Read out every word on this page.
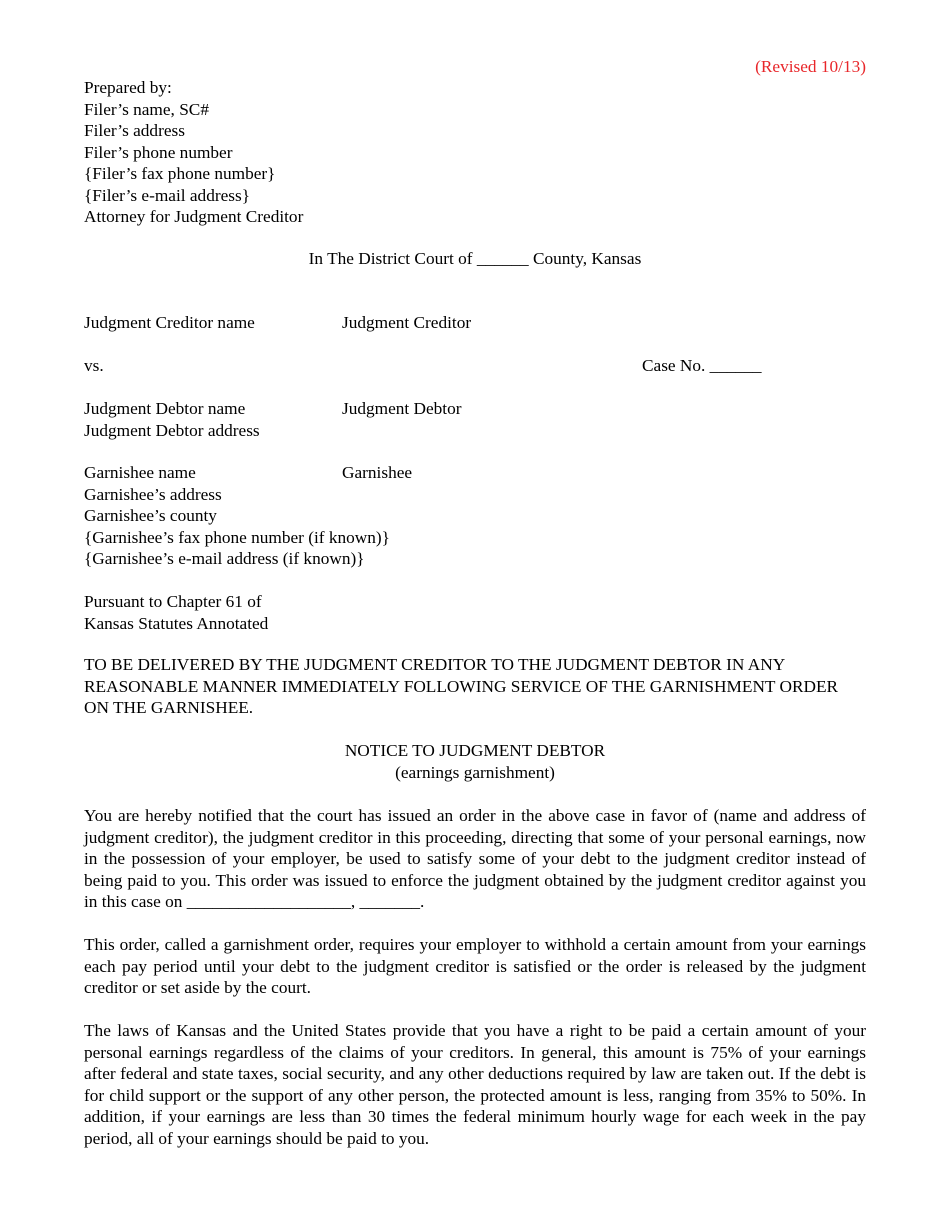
(Revised 10/13)
Prepared by:
Filer’s name, SC#
Filer’s address
Filer’s phone number
{Filer’s fax phone number}
{Filer’s e-mail address}
Attorney for Judgment Creditor
In The District Court of ______ County, Kansas
Judgment Creditor name	Judgment Creditor
vs.	Case No. ______
Judgment Debtor name	Judgment Debtor
Judgment Debtor address
Garnishee name	Garnishee
Garnishee’s address
Garnishee’s county
{Garnishee’s fax phone number (if known)}
{Garnishee’s e-mail address (if known)}
Pursuant to Chapter 61 of
Kansas Statutes Annotated
TO BE DELIVERED BY THE JUDGMENT CREDITOR TO THE JUDGMENT DEBTOR IN ANY REASONABLE MANNER IMMEDIATELY FOLLOWING SERVICE OF THE GARNISHMENT ORDER ON THE GARNISHEE.
NOTICE TO JUDGMENT DEBTOR
(earnings garnishment)
You are hereby notified that the court has issued an order in the above case in favor of (name and address of judgment creditor), the judgment creditor in this proceeding, directing that some of your personal earnings, now in the possession of your employer, be used to satisfy some of your debt to the judgment creditor instead of being paid to you. This order was issued to enforce the judgment obtained by the judgment creditor against you in this case on ___________________, _______.
This order, called a garnishment order, requires your employer to withhold a certain amount from your earnings each pay period until your debt to the judgment creditor is satisfied or the order is released by the judgment creditor or set aside by the court.
The laws of Kansas and the United States provide that you have a right to be paid a certain amount of your personal earnings regardless of the claims of your creditors. In general, this amount is 75% of your earnings after federal and state taxes, social security, and any other deductions required by law are taken out. If the debt is for child support or the support of any other person, the protected amount is less, ranging from 35% to 50%. In addition, if your earnings are less than 30 times the federal minimum hourly wage for each week in the pay period, all of your earnings should be paid to you.
